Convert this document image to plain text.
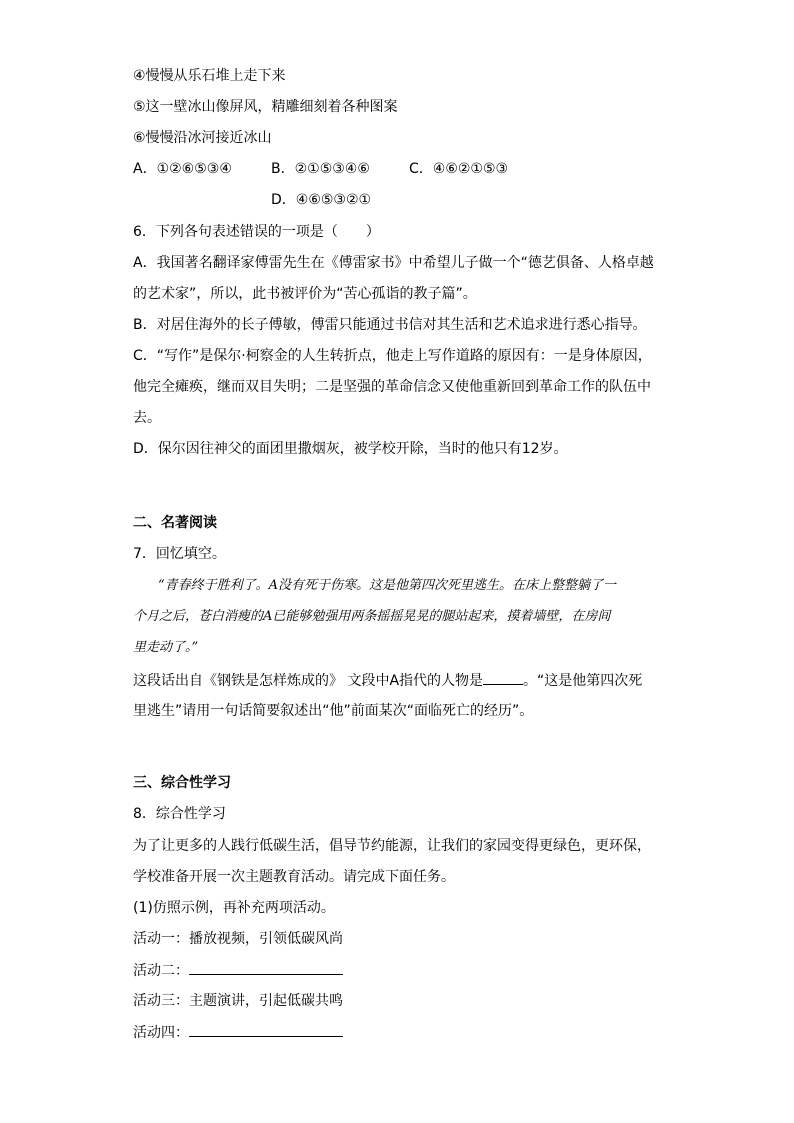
④慢慢从乐石堆上走下来
⑤这一壁冰山像屏风，精雕细刻着各种图案
⑥慢慢沿冰河接近冰山
A．①②⑥⑤③④	B．②①⑤③④⑥	C．④⑥②①⑤③
D．④⑥⑤③②①
6．下列各句表述错误的一项是（　　）
A．我国著名翻译家傅雷先生在《傅雷家书》中希望儿子做一个“德艺俱备、人格卓越
的艺术家”，所以，此书被评价为“苦心孤诣的教子篇”。
B．对居住海外的长子傅敏，傅雷只能通过书信对其生活和艺术追求进行悉心指导。
C．“写作”是保尔·柯察金的人生转折点，他走上写作道路的原因有：一是身体原因，
他完全瘫痪，继而双目失明；二是坚强的革命信念又使他重新回到革命工作的队伍中
去。
D．保尔因往神父的面团里撒烟灰，被学校开除，当时的他只有12岁。
二、名著阅读
7．回忆填空。
“青春终于胜利了。A没有死于伤寒。这是他第四次死里逃生。在床上整整躺了一
个月之后，苍白消瘦的A已能够勉强用两条摇摇晃晃的腿站起来，摸着墙壁，在房间
里走动了。”
这段话出自《钢铁是怎样炼成的》 文段中A指代的人物是	。“这是他第四次死
里逃生”请用一句话简要叙述出“他”前面某次“面临死亡的经历”。
三、综合性学习
8．综合性学习
为了让更多的人践行低碳生活，倡导节约能源，让我们的家园变得更绿色，更环保，
学校准备开展一次主题教育活动。请完成下面任务。
(1)仿照示例，再补充两项活动。
活动一：播放视频，引领低碳风尚
活动二：
活动三：主题演讲，引起低碳共鸣
活动四：
